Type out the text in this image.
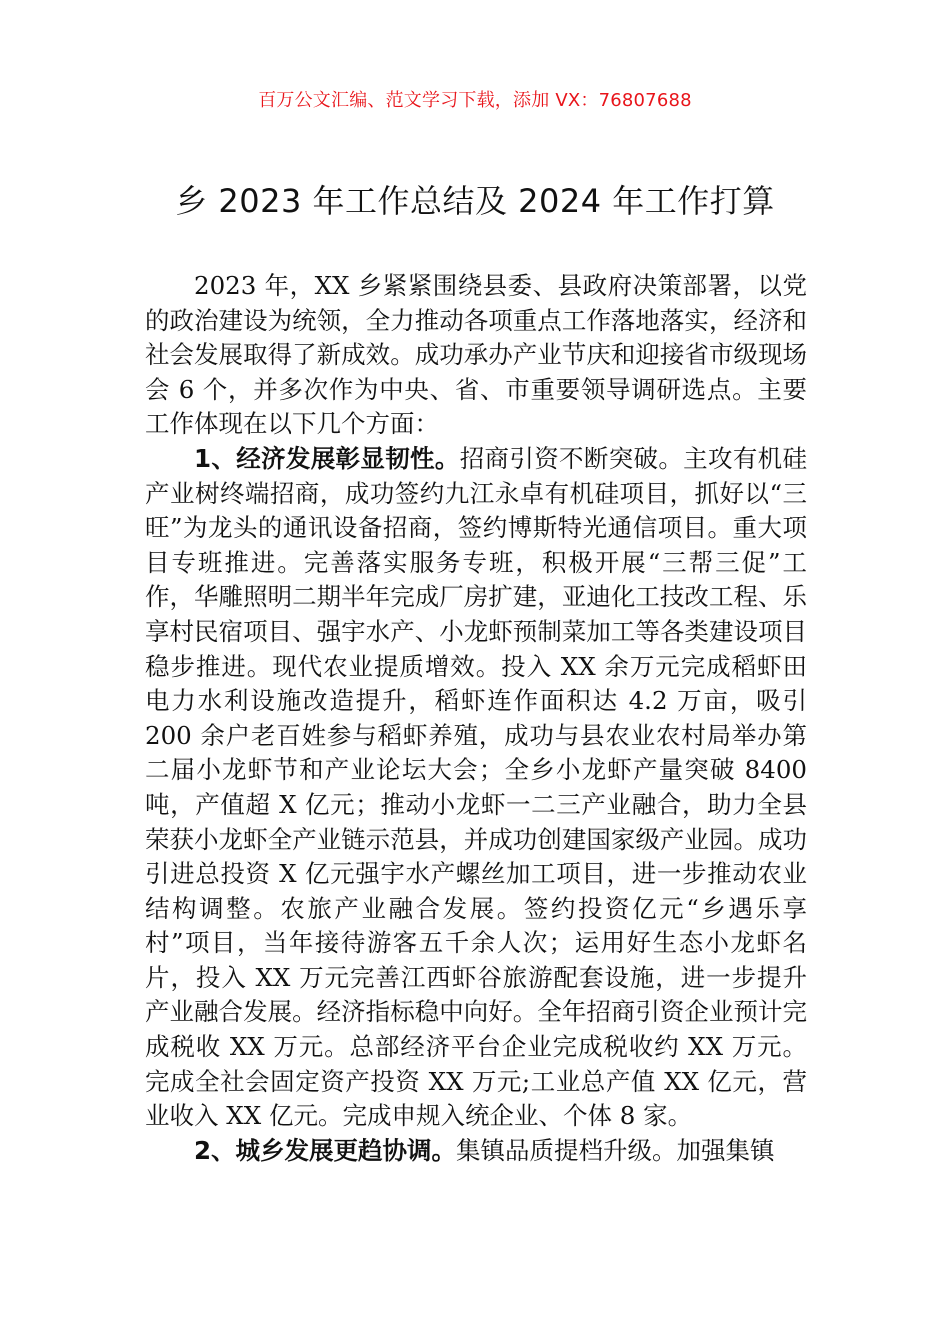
百万公文汇编、范文学习下载，添加 VX：76807688
乡 2023 年工作总结及 2024 年工作打算

2023 年，XX 乡紧紧围绕县委、县政府决策部署，以党的政治建设为统领，全力推动各项重点工作落地落实，经济和社会发展取得了新成效。成功承办产业节庆和迎接省市级现场会 6 个，并多次作为中央、省、市重要领导调研选点。主要工作体现在以下几个方面：

1、经济发展彰显韧性。招商引资不断突破。主攻有机硅产业树终端招商，成功签约九江永卓有机硅项目，抓好以“三旺”为龙头的通讯设备招商，签约博斯特光通信项目。重大项目专班推进。完善落实服务专班，积极开展“三帮三促”工作，华雕照明二期半年完成厂房扩建，亚迪化工技改工程、乐享村民宿项目、强宇水产、小龙虾预制菜加工等各类建设项目稳步推进。现代农业提质增效。投入 XX 余万元完成稻虾田电力水利设施改造提升，稻虾连作面积达 4.2 万亩，吸引 200 余户老百姓参与稻虾养殖，成功与县农业农村局举办第二届小龙虾节和产业论坛大会；全乡小龙虾产量突破 8400 吨，产值超 X 亿元；推动小龙虾一二三产业融合，助力全县荣获小龙虾全产业链示范县，并成功创建国家级产业园。成功引进总投资 X 亿元强宇水产螺丝加工项目，进一步推动农业结构调整。农旅产业融合发展。签约投资亿元“乡遇乐享村”项目，当年接待游客五千余人次；运用好生态小龙虾名片，投入 XX 万元完善江西虾谷旅游配套设施，进一步提升产业融合发展。经济指标稳中向好。全年招商引资企业预计完成税收 XX 万元。总部经济平台企业完成税收约 XX 万元。完成全社会固定资产投资 XX 万元;工业总产值 XX 亿元，营业收入 XX 亿元。完成申规入统企业、个体 8 家。

2、城乡发展更趋协调。集镇品质提档升级。加强集镇
